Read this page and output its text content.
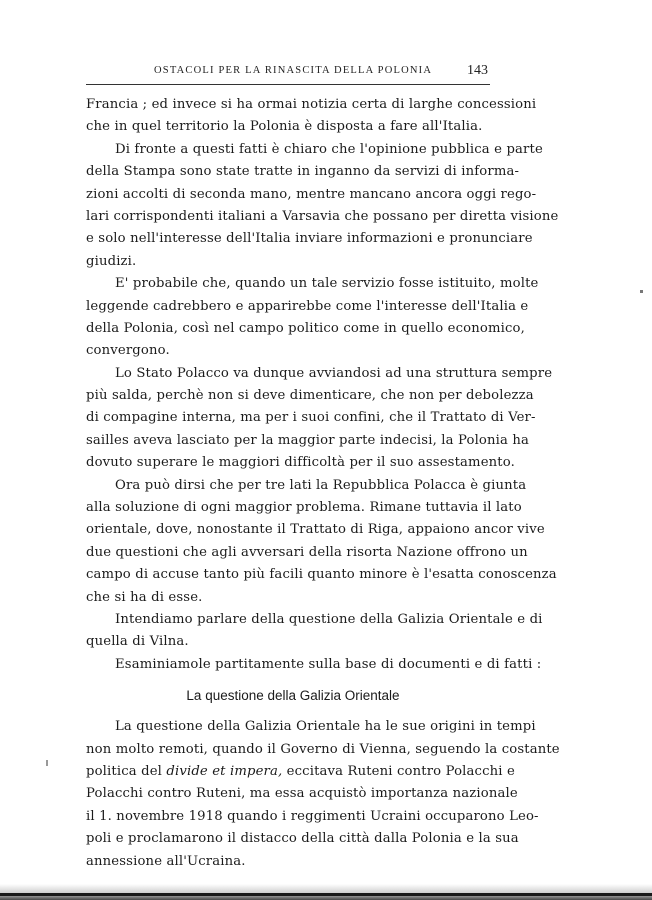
OSTACOLI PER LA RINASCITA DELLA POLONIA 143
Francia ; ed invece si ha ormai notizia certa di larghe concessioni
che in quel territorio la Polonia è disposta a fare all'Italia.
Di fronte a questi fatti è chiaro che l'opinione pubblica e parte
della Stampa sono state tratte in inganno da servizi di informa-
zioni accolti di seconda mano, mentre mancano ancora oggi rego-
lari corrispondenti italiani a Varsavia che possano per diretta visione
e solo nell'interesse dell'Italia inviare informazioni e pronunciare
giudizi.
E' probabile che, quando un tale servizio fosse istituito, molte
leggende cadrebbero e apparirebbe come l'interesse dell'Italia e
della Polonia, così nel campo politico come in quello economico,
convergono.
Lo Stato Polacco va dunque avviandosi ad una struttura sempre
più salda, perchè non si deve dimenticare, che non per debolezza
di compagine interna, ma per i suoi confini, che il Trattato di Ver-
sailles aveva lasciato per la maggior parte indecisi, la Polonia ha
dovuto superare le maggiori difficoltà per il suo assestamento.
Ora può dirsi che per tre lati la Repubblica Polacca è giunta
alla soluzione di ogni maggior problema. Rimane tuttavia il lato
orientale, dove, nonostante il Trattato di Riga, appaiono ancor vive
due questioni che agli avversari della risorta Nazione offrono un
campo di accuse tanto più facili quanto minore è l'esatta conoscenza
che si ha di esse.
Intendiamo parlare della questione della Galizia Orientale e di
quella di Vilna.
Esaminiamole partitamente sulla base di documenti e di fatti :
La questione della Galizia Orientale
La questione della Galizia Orientale ha le sue origini in tempi
non molto remoti, quando il Governo di Vienna, seguendo la costante
politica del divide et impera, eccitava Ruteni contro Polacchi e
Polacchi contro Ruteni, ma essa acquistò importanza nazionale
il 1. novembre 1918 quando i reggimenti Ucraini occuparono Leo-
poli e proclamarono il distacco della città dalla Polonia e la sua
annessione all'Ucraina.
